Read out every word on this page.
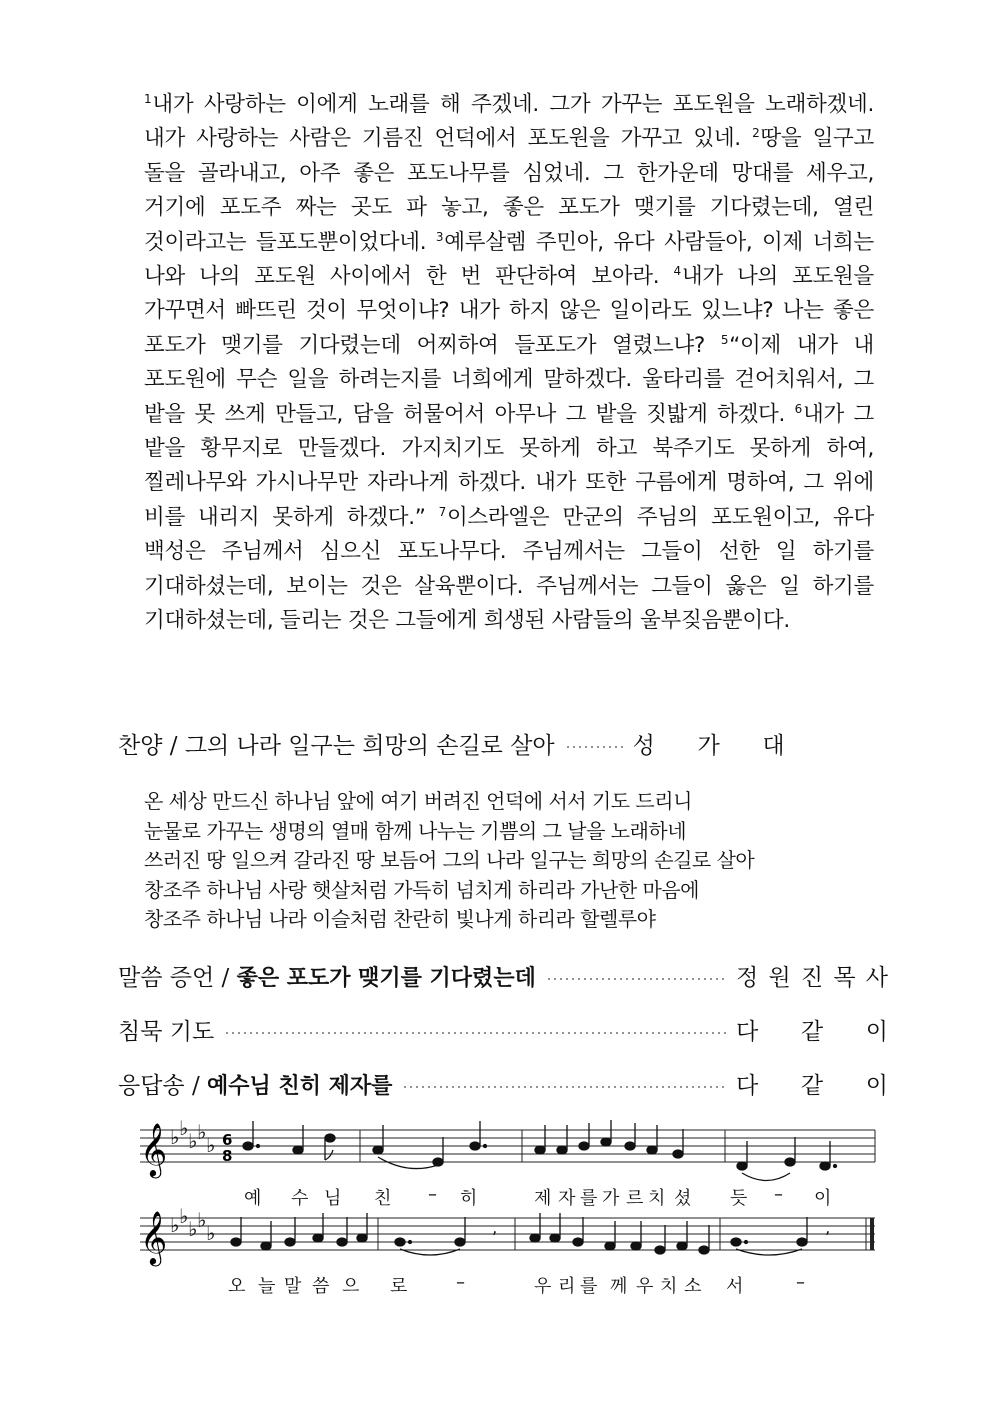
$^1$내가 사랑하는 이에게 노래를 해 주겠네. 그가 가꾸는 포도원을 노래하겠네. 내가 사랑하는 사람은 기름진 언덕에서 포도원을 가꾸고 있네. $^2$땅을 일구고 돌을 골라내고, 아주 좋은 포도나무를 심었네. 그 한가운데 망대를 세우고, 거기에 포도주 짜는 곳도 파 놓고, 좋은 포도가 맺기를 기다렸는데, 열린 것이라고는 들포도뿐이었다네. $^3$예루살렘 주민아, 유다 사람들아, 이제 너희는 나와 나의 포도원 사이에서 한 번 판단하여 보아라. $^4$내가 나의 포도원을 가꾸면서 빠뜨린 것이 무엇이냐? 내가 하지 않은 일이라도 있느냐? 나는 좋은 포도가 맺기를 기다렸는데 어찌하여 들포도가 열렸느냐? $^5$“이제 내가 내 포도원에 무슨 일을 하려는지를 너희에게 말하겠다. 울타리를 걷어치워서, 그 밭을 못 쓰게 만들고, 담을 허물어서 아무나 그 밭을 짓밟게 하겠다. $^6$내가 그 밭을 황무지로 만들겠다. 가지치기도 못하게 하고 북주기도 못하게 하여, 찔레나무와 가시나무만 자라나게 하겠다. 내가 또한 구름에게 명하여, 그 위에 비를 내리지 못하게 하겠다.” $^7$이스라엘은 만군의 주님의 포도원이고, 유다 백성은 주님께서 심으신 포도나무다. 주님께서는 그들이 선한 일 하기를 기대하셨는데, 보이는 것은 살육뿐이다. 주님께서는 그들이 옳은 일 하기를 기대하셨는데, 들리는 것은 그들에게 희생된 사람들의 울부짖음뿐이다.
찬양 / 그의 나라 일구는 희망의 손길로 살아	성 가 대
온 세상 만드신 하나님 앞에 여기 버려진 언덕에 서서 기도 드리니
눈물로 가꾸는 생명의 열매 함께 나누는 기쁨의 그 날을 노래하네
쓰러진 땅 일으켜 갈라진 땅 보듬어 그의 나라 일구는 희망의 손길로 살아
창조주 하나님 사랑 햇살처럼 가득히 넘치게 하리라 가난한 마음에
창조주 하나님 나라 이슬처럼 찬란히 빛나게 하리라 할렐루야
말씀 증언 / 좋은 포도가 맺기를 기다렸는데	정 원 진 목 사
침묵 기도	다 같 이
응답송 / 예수님 친히 제자를	다 같 이
𝄞 ♭ ♭
♭ ♭
♭ 6
8
𝄞 ♭ ♭
♭ ♭
♭	ʼ	ʼ
예 수 님 친 – 히	제 자 를 가 르 치 셨 듯 – 이
오 늘 말 씀 으 로	–	우 리 를 께 우 치 소 서	–
